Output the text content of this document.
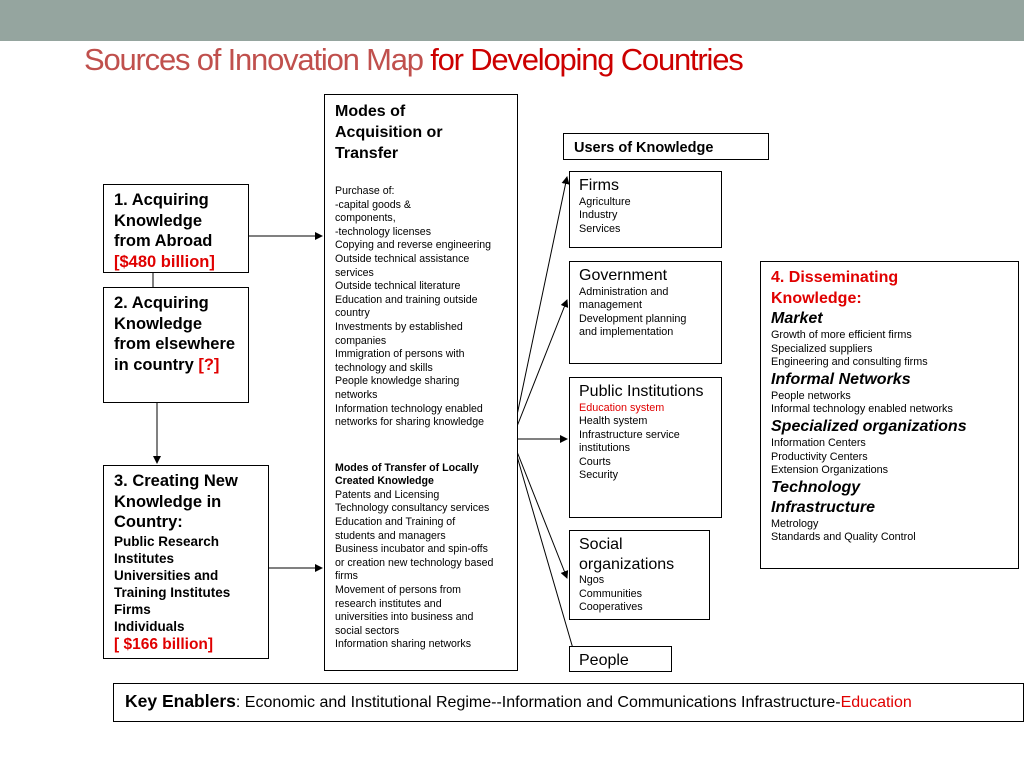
Sources of Innovation Map for Developing Countries
1. Acquiring
Knowledge
from Abroad
[$480 billion]
2. Acquiring
Knowledge
from elsewhere
in country [?]
3. Creating New
Knowledge in
Country:
Public Research
Institutes
Universities and
Training Institutes
Firms
Individuals
[ $166 billion]
Modes of
Acquisition or
Transfer
Purchase of:
-capital goods &
components,
-technology licenses
Copying and reverse engineering
Outside technical assistance
services
Outside technical literature
Education and training outside
country
Investments by established
companies
Immigration of persons with
technology and skills
People knowledge sharing
networks
Information technology enabled
networks for sharing knowledge
Modes of Transfer of Locally
Created Knowledge
Patents and Licensing
Technology consultancy services
Education and Training of
students and managers
Business incubator and spin-offs
or creation new technology based
firms
Movement of persons from
research institutes and
universities into business and
social sectors
Information sharing networks
Users of Knowledge
Firms
Agriculture
Industry
Services
Government
Administration and
management
Development planning
and implementation
Public Institutions
Education system
Health system
Infrastructure service
institutions
Courts
Security
Social
organizations
Ngos
Communities
Cooperatives
People
4. Disseminating
Knowledge:
Market
Growth of more efficient firms
Specialized suppliers
Engineering and consulting firms
Informal Networks
People networks
Informal technology enabled networks
Specialized organizations
Information Centers
Productivity Centers
Extension Organizations
Technology
Infrastructure
Metrology
Standards and Quality Control
Key Enablers: Economic and Institutional Regime--Information and Communications Infrastructure-Education
